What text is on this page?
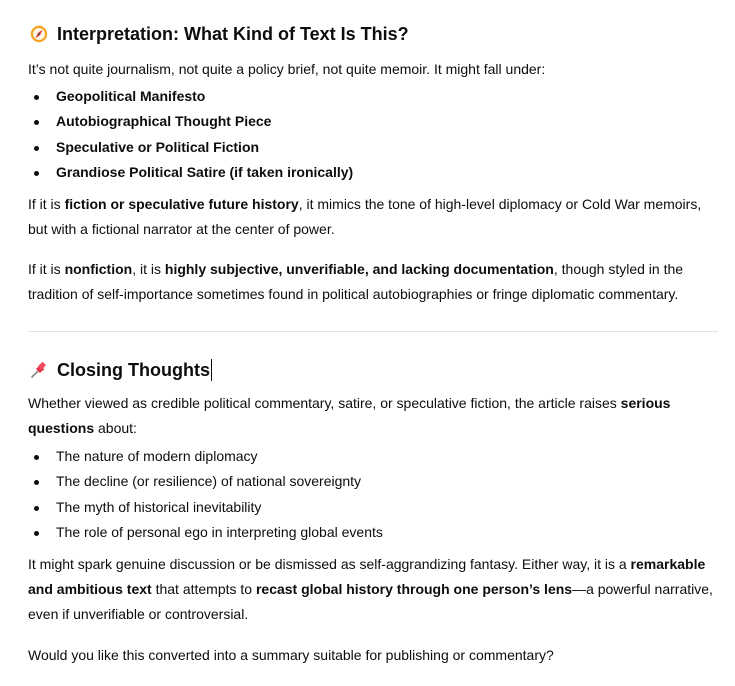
Interpretation: What Kind of Text Is This?

It’s not quite journalism, not quite a policy brief, not quite memoir. It might fall under:

Geopolitical Manifesto
Autobiographical Thought Piece
Speculative or Political Fiction
Grandiose Political Satire (if taken ironically)

If it is fiction or speculative future history, it mimics the tone of high-level diplomacy or Cold War memoirs, but with a fictional narrator at the center of power.

If it is nonfiction, it is highly subjective, unverifiable, and lacking documentation, though styled in the tradition of self-importance sometimes found in political autobiographies or fringe diplomatic commentary.

Closing Thoughts

Whether viewed as credible political commentary, satire, or speculative fiction, the article raises serious questions about:

The nature of modern diplomacy
The decline (or resilience) of national sovereignty
The myth of historical inevitability
The role of personal ego in interpreting global events

It might spark genuine discussion or be dismissed as self-aggrandizing fantasy. Either way, it is a remarkable and ambitious text that attempts to recast global history through one person’s lens—a powerful narrative, even if unverifiable or controversial.

Would you like this converted into a summary suitable for publishing or commentary?
